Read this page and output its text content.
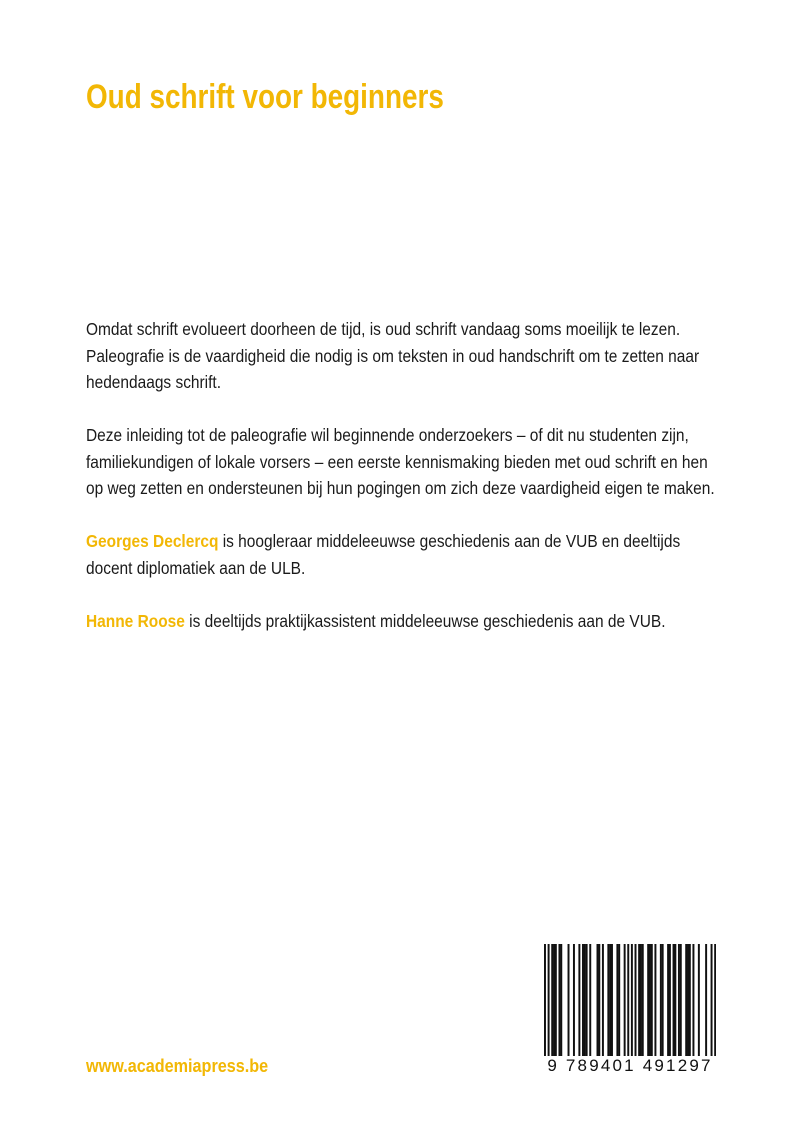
Oud schrift voor beginners

Omdat schrift evolueert doorheen de tijd, is oud schrift vandaag soms moeilijk te lezen. Paleografie is de vaardigheid die nodig is om teksten in oud handschrift om te zetten naar hedendaags schrift.

Deze inleiding tot de paleografie wil beginnende onderzoekers – of dit nu studenten zijn, familiekundigen of lokale vorsers – een eerste kennismaking bieden met oud schrift en hen op weg zetten en ondersteunen bij hun pogingen om zich deze vaardigheid eigen te maken.

Georges Declercq is hoogleraar middeleeuwse geschiedenis aan de VUB en deeltijds docent diplomatiek aan de ULB.

Hanne Roose is deeltijds praktijkassistent middeleeuwse geschiedenis aan de VUB.

www.academiapress.be	9 789401 491297
